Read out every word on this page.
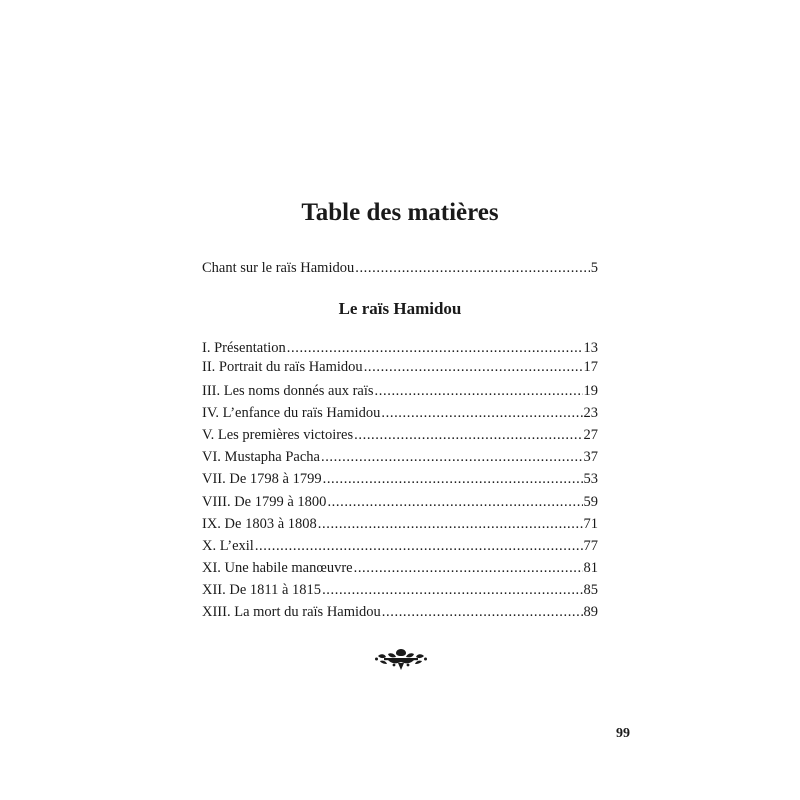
Table des matières
Chant sur le raïs Hamidou .....	5
Le raïs Hamidou
I. Présentation .....	13
II. Portrait du raïs Hamidou .....	17
III. Les noms donnés aux raïs .....	19
IV. L’enfance du raïs Hamidou .....	23
V. Les premières victoires .....	27
VI. Mustapha Pacha .....	37
VII. De 1798 à 1799 .....	53
VIII. De 1799 à 1800 .....	59
IX. De 1803 à 1808 .....	71
X. L’exil .....	77
XI. Une habile manœuvre .....	81
XII. De 1811 à 1815 .....	85
XIII. La mort du raïs Hamidou .....	89
99
